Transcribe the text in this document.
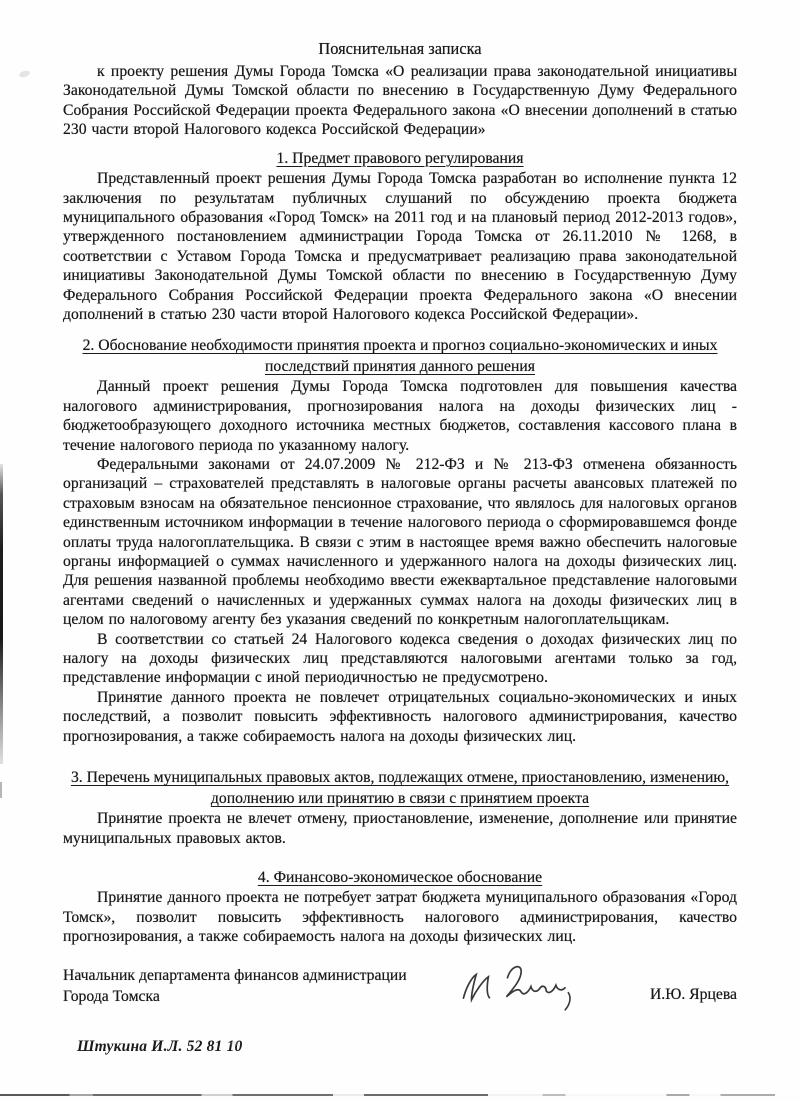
Пояснительная записка

к проекту решения Думы Города Томска «О реализации права законодательной инициативы Законодательной Думы Томской области по внесению в Государственную Думу Федерального Собрания Российской Федерации проекта Федерального закона «О внесении дополнений в статью 230 части второй Налогового кодекса Российской Федерации»

1. Предмет правового регулирования

Представленный проект решения Думы Города Томска разработан во исполнение пункта 12 заключения по результатам публичных слушаний по обсуждению проекта бюджета муниципального образования «Город Томск» на 2011 год и на плановый период 2012-2013 годов», утвержденного постановлением администрации Города Томска от 26.11.2010 № 1268, в соответствии с Уставом Города Томска и предусматривает реализацию права законодательной инициативы Законодательной Думы Томской области по внесению в Государственную Думу Федерального Собрания Российской Федерации проекта Федерального закона «О внесении дополнений в статью 230 части второй Налогового кодекса Российской Федерации».

2. Обоснование необходимости принятия проекта и прогноз социально-экономических и иных последствий принятия данного решения

Данный проект решения Думы Города Томска подготовлен для повышения качества налогового администрирования, прогнозирования налога на доходы физических лиц - бюджетообразующего доходного источника местных бюджетов, составления кассового плана в течение налогового периода по указанному налогу.

Федеральными законами от 24.07.2009 № 212-ФЗ и № 213-ФЗ отменена обязанность организаций – страхователей представлять в налоговые органы расчеты авансовых платежей по страховым взносам на обязательное пенсионное страхование, что являлось для налоговых органов единственным источником информации в течение налогового периода о сформировавшемся фонде оплаты труда налогоплательщика. В связи с этим в настоящее время важно обеспечить налоговые органы информацией о суммах начисленного и удержанного налога на доходы физических лиц. Для решения названной проблемы необходимо ввести ежеквартальное представление налоговыми агентами сведений о начисленных и удержанных суммах налога на доходы физических лиц в целом по налоговому агенту без указания сведений по конкретным налогоплательщикам.

В соответствии со статьей 24 Налогового кодекса сведения о доходах физических лиц по налогу на доходы физических лиц представляются налоговыми агентами только за год, представление информации с иной периодичностью не предусмотрено.

Принятие данного проекта не повлечет отрицательных социально-экономических и иных последствий, а позволит повысить эффективность налогового администрирования, качество прогнозирования, а также собираемость налога на доходы физических лиц.

3. Перечень муниципальных правовых актов, подлежащих отмене, приостановлению, изменению, дополнению или принятию в связи с принятием проекта

Принятие проекта не влечет отмену, приостановление, изменение, дополнение или принятие муниципальных правовых актов.

4. Финансово-экономическое обоснование

Принятие данного проекта не потребует затрат бюджета муниципального образования «Город Томск», позволит повысить эффективность налогового администрирования, качество прогнозирования, а также собираемость налога на доходы физических лиц.

Начальник департамента финансов администрации
Города Томска	И.Ю. Ярцева
Штукина И.Л. 52 81 10
